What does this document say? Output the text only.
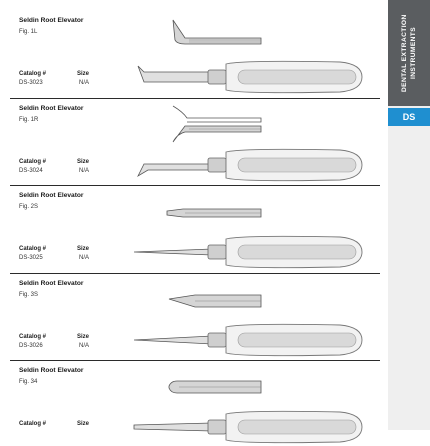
Seldin Root Elevator
Fig. 1L
Catalog #
DS-3023
Size
N/A
Seldin Root Elevator
Fig. 1R
Catalog #
DS-3024
Size
N/A
Seldin Root Elevator
Fig. 2S
Catalog #
DS-3025
Size
N/A
Seldin Root Elevator
Fig. 3S
Catalog #
DS-3026
Size
N/A
Seldin Root Elevator
Fig. 34
Catalog #	Size
DENTAL EXTRACTION INSTRUMENTS
DS
